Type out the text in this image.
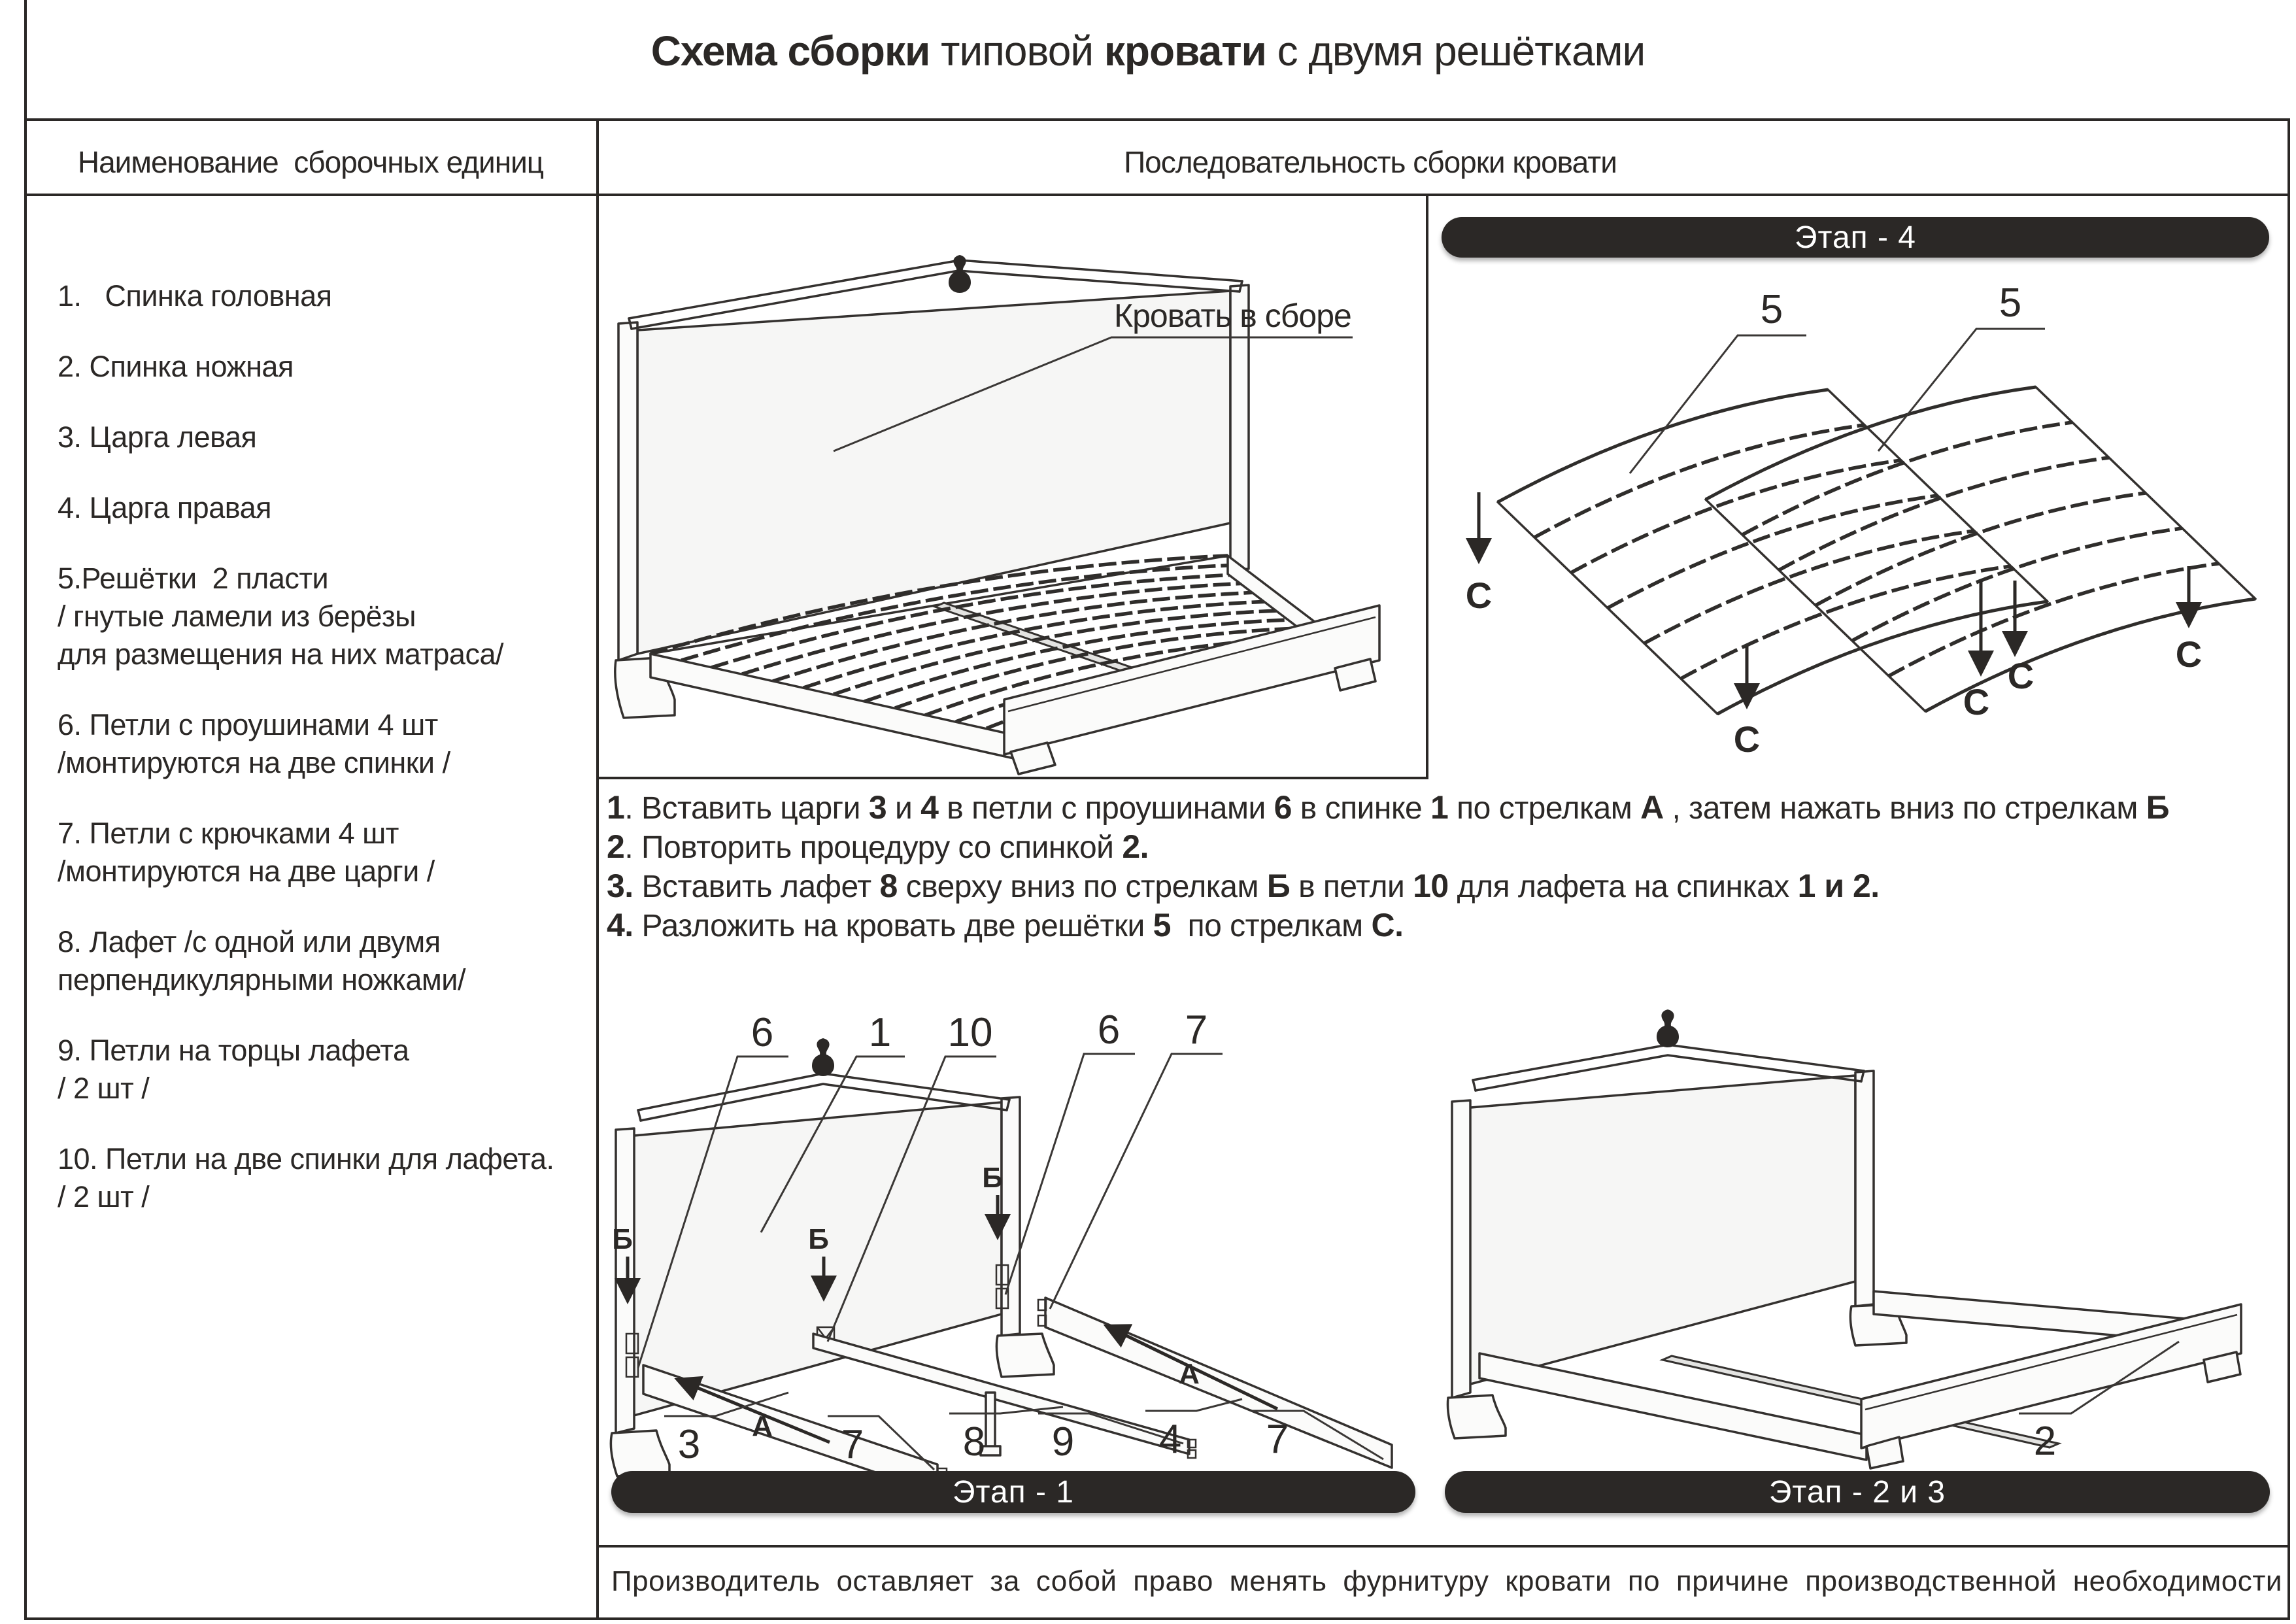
Схема сборки типовой кровати с двумя решётками
Наименование  сборочных единиц	Последовательность сборки кровати
1.   Спинка головная
2. Спинка ножная
3. Царга левая
4. Царга правая
5.Решётки  2 пласти
/ гнутые ламели из берёзы
для размещения на них матраса/
6. Петли с проушинами 4 шт
/монтируются на две спинки /
7. Петли с крючками 4 шт
/монтируются на две царги /
8. Лафет /с одной или двумя
перпендикулярными ножками/
9. Петли на торцы лафета
/ 2 шт /
10. Петли на две спинки для лафета.
/ 2 шт /
Кровать в сборе
Этап - 4
5	5
С
С
С
С
С
1. Вставить царги 3 и 4 в петли с проушинами 6 в спинке 1 по стрелкам А , затем нажать вниз по стрелкам Б
2. Повторить процедуру со спинкой 2.
3. Вставить лафет 8 сверху вниз по стрелкам Б в петли 10 для лафета на спинках 1 и 2.
4. Разложить на кровать две решётки 5  по стрелкам С.
Б	Б
Б
А
А
6 1 10	6 7
3	7 8 9 4 7
Этап - 1
2
Этап - 2 и 3
Производитель оставляет за собой право менять фурнитуру кровати по причине производственной необходимости
